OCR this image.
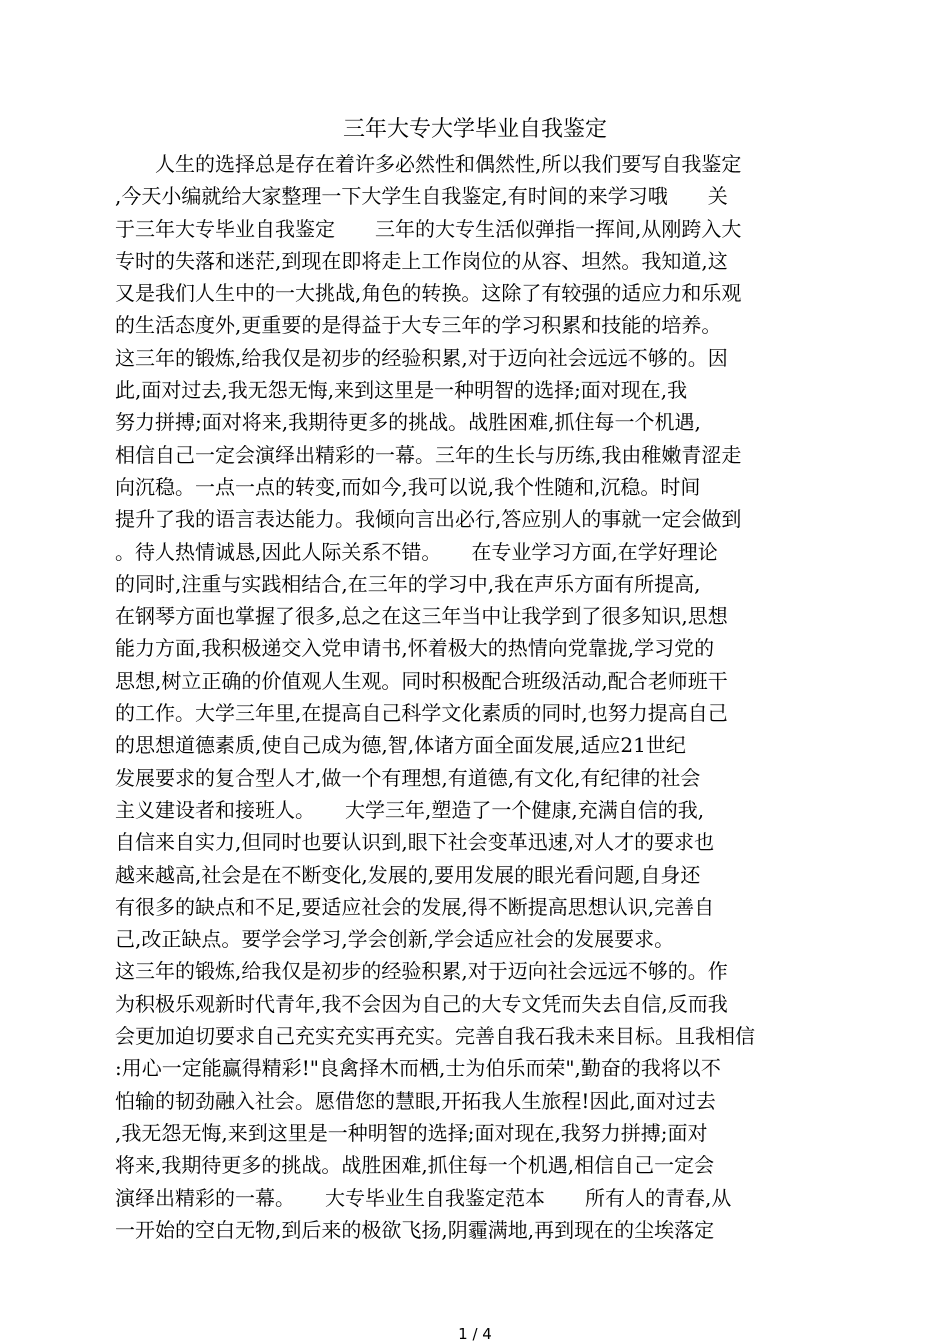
三年大专大学毕业自我鉴定
　　人生的选择总是存在着许多必然性和偶然性,所以我们要写自我鉴定
,今天小编就给大家整理一下大学生自我鉴定,有时间的来学习哦　　关
于三年大专毕业自我鉴定　　三年的大专生活似弹指一挥间,从刚跨入大
专时的失落和迷茫,到现在即将走上工作岗位的从容、坦然。我知道,这
又是我们人生中的一大挑战,角色的转换。这除了有较强的适应力和乐观
的生活态度外,更重要的是得益于大专三年的学习积累和技能的培养。
这三年的锻炼,给我仅是初步的经验积累,对于迈向社会远远不够的。因
此,面对过去,我无怨无悔,来到这里是一种明智的选择;面对现在,我
努力拼搏;面对将来,我期待更多的挑战。战胜困难,抓住每一个机遇,
相信自己一定会演绎出精彩的一幕。三年的生长与历练,我由稚嫩青涩走
向沉稳。一点一点的转变,而如今,我可以说,我个性随和,沉稳。时间
提升了我的语言表达能力。我倾向言出必行,答应别人的事就一定会做到
。待人热情诚恳,因此人际关系不错。　　在专业学习方面,在学好理论
的同时,注重与实践相结合,在三年的学习中,我在声乐方面有所提高,
在钢琴方面也掌握了很多,总之在这三年当中让我学到了很多知识,思想
能力方面,我积极递交入党申请书,怀着极大的热情向党靠拢,学习党的
思想,树立正确的价值观人生观。同时积极配合班级活动,配合老师班干
的工作。大学三年里,在提高自己科学文化素质的同时,也努力提高自己
的思想道德素质,使自己成为德,智,体诸方面全面发展,适应21世纪
发展要求的复合型人才,做一个有理想,有道德,有文化,有纪律的社会
主义建设者和接班人。　　大学三年,塑造了一个健康,充满自信的我,
自信来自实力,但同时也要认识到,眼下社会变革迅速,对人才的要求也
越来越高,社会是在不断变化,发展的,要用发展的眼光看问题,自身还
有很多的缺点和不足,要适应社会的发展,得不断提高思想认识,完善自
己,改正缺点。要学会学习,学会创新,学会适应社会的发展要求。
这三年的锻炼,给我仅是初步的经验积累,对于迈向社会远远不够的。作
为积极乐观新时代青年,我不会因为自己的大专文凭而失去自信,反而我
会更加迫切要求自己充实充实再充实。完善自我石我未来目标。且我相信
:用心一定能赢得精彩!"良禽择木而栖,士为伯乐而荣",勤奋的我将以不
怕输的韧劲融入社会。愿借您的慧眼,开拓我人生旅程!因此,面对过去
,我无怨无悔,来到这里是一种明智的选择;面对现在,我努力拼搏;面对
将来,我期待更多的挑战。战胜困难,抓住每一个机遇,相信自己一定会
演绎出精彩的一幕。　　大专毕业生自我鉴定范本　　所有人的青春,从
一开始的空白无物,到后来的极欲飞扬,阴霾满地,再到现在的尘埃落定
1 / 4
